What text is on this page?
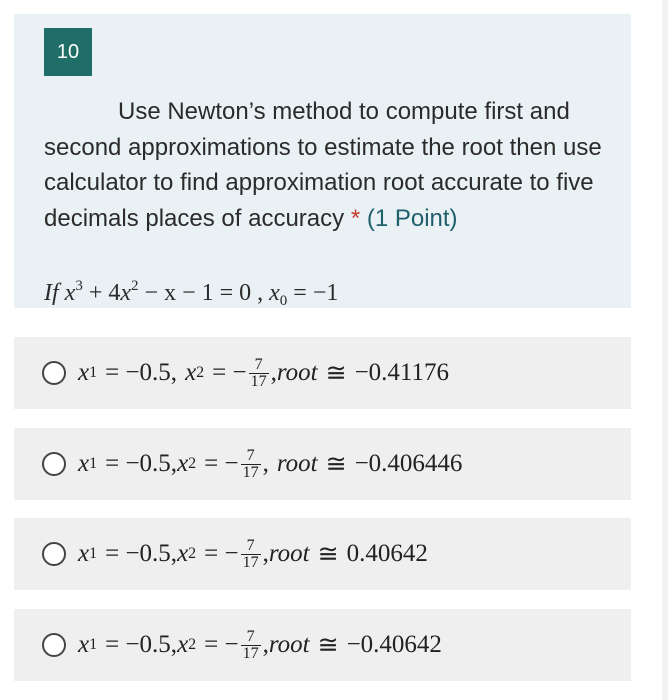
10
Use Newton’s method to compute first and second approximations to estimate the root then use calculator to find approximation root accurate to five decimals places of accuracy * (1 Point)
If $x^3 + 4x^2 - x - 1 = 0$ , $x_0 = -1$
x 1 = −0.5, x 2 = − $\frac{7}{17}$ , root ≅ −0.41176
x 1 = −0.5, x 2 = − $\frac{7}{17}$ , root ≅ −0.406446
x 1 = −0.5, x 2 = − $\frac{7}{17}$ , root ≅ 0.40642
x 1 = −0.5, x 2 = − $\frac{7}{17}$ , root ≅ −0.40642
